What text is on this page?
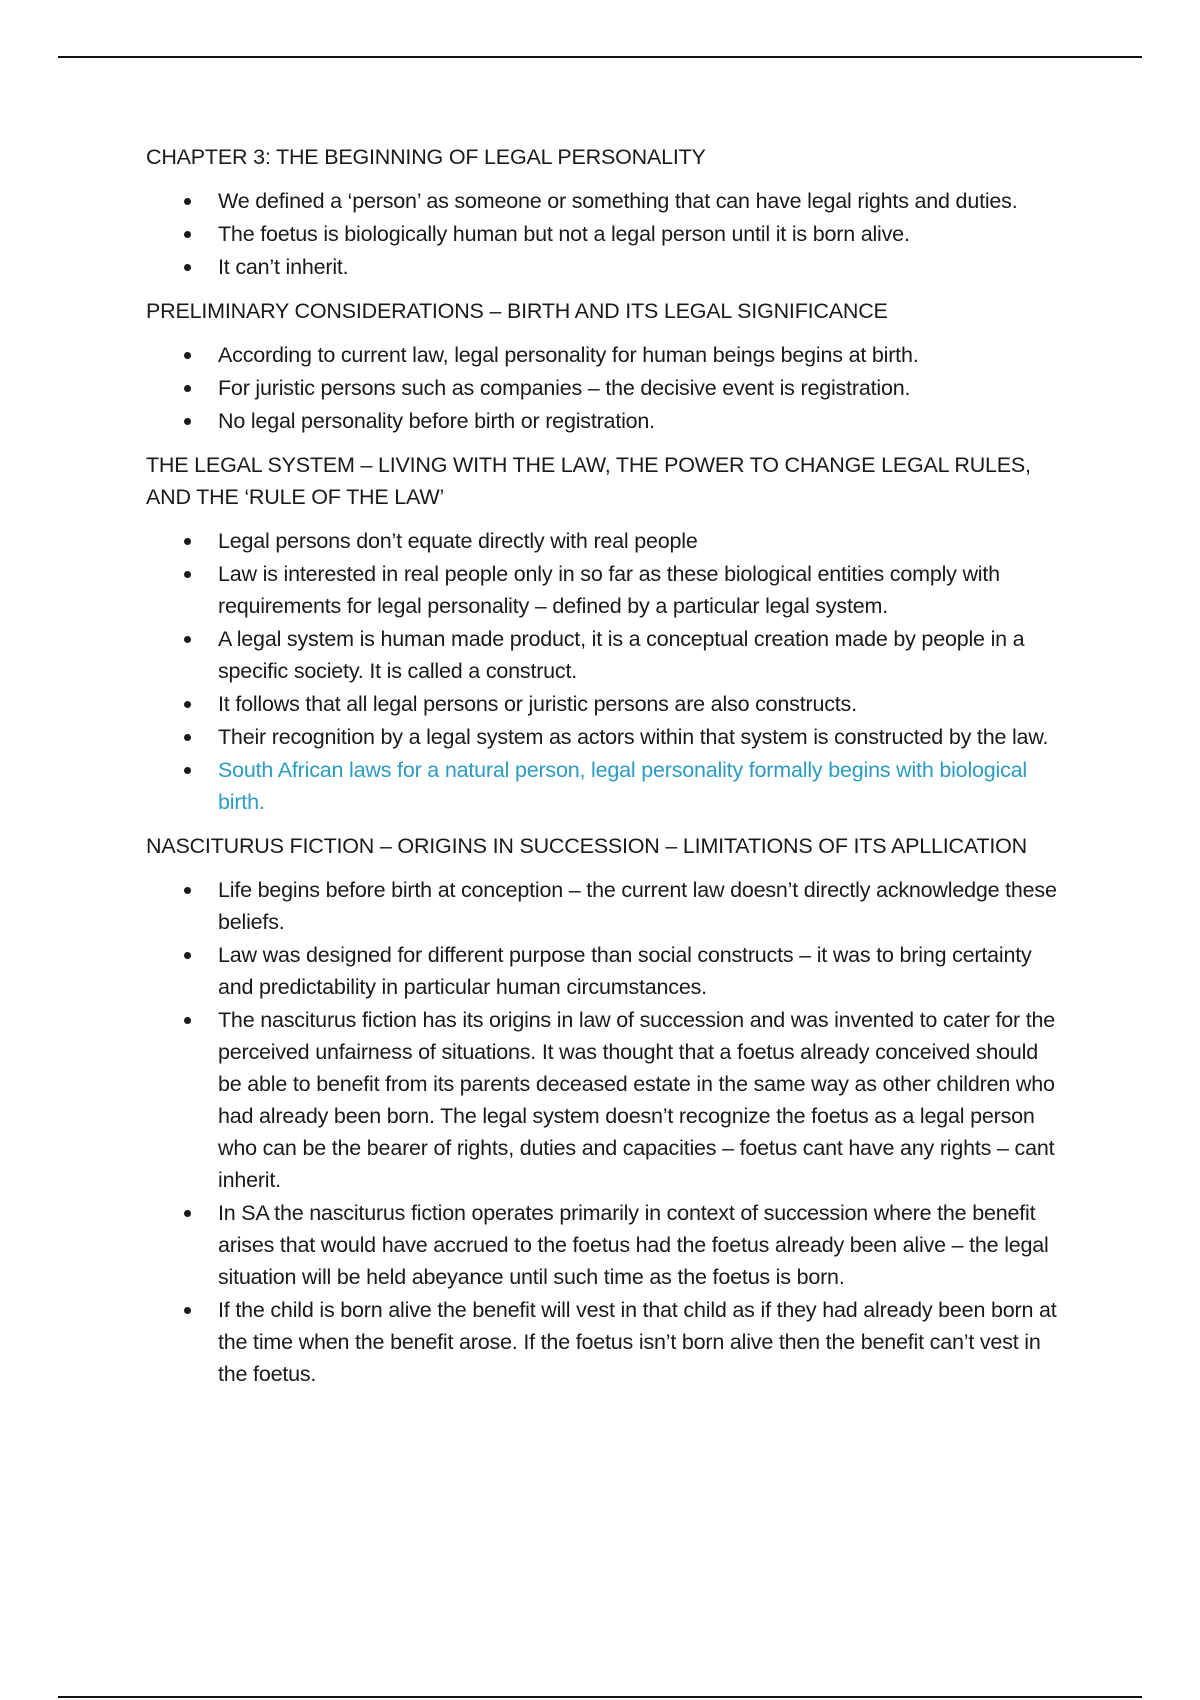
CHAPTER 3: THE BEGINNING OF LEGAL PERSONALITY

We defined a ‘person’ as someone or something that can have legal rights and duties.
The foetus is biologically human but not a legal person until it is born alive.
It can’t inherit.

PRELIMINARY CONSIDERATIONS – BIRTH AND ITS LEGAL SIGNIFICANCE

According to current law, legal personality for human beings begins at birth.
For juristic persons such as companies – the decisive event is registration.
No legal personality before birth or registration.

THE LEGAL SYSTEM – LIVING WITH THE LAW, THE POWER TO CHANGE LEGAL RULES, AND THE ‘RULE OF THE LAW’

Legal persons don’t equate directly with real people
Law is interested in real people only in so far as these biological entities comply with requirements for legal personality – defined by a particular legal system.
A legal system is human made product, it is a conceptual creation made by people in a specific society. It is called a construct.
It follows that all legal persons or juristic persons are also constructs.
Their recognition by a legal system as actors within that system is constructed by the law.
South African laws for a natural person, legal personality formally begins with biological birth.

NASCITURUS FICTION – ORIGINS IN SUCCESSION – LIMITATIONS OF ITS APLLICATION

Life begins before birth at conception – the current law doesn’t directly acknowledge these beliefs.
Law was designed for different purpose than social constructs – it was to bring certainty and predictability in particular human circumstances.
The nasciturus fiction has its origins in law of succession and was invented to cater for the perceived unfairness of situations. It was thought that a foetus already conceived should be able to benefit from its parents deceased estate in the same way as other children who had already been born. The legal system doesn’t recognize the foetus as a legal person who can be the bearer of rights, duties and capacities – foetus cant have any rights – cant inherit.
In SA the nasciturus fiction operates primarily in context of succession where the benefit arises that would have accrued to the foetus had the foetus already been alive – the legal situation will be held abeyance until such time as the foetus is born.
If the child is born alive the benefit will vest in that child as if they had already been born at the time when the benefit arose. If the foetus isn’t born alive then the benefit can’t vest in the foetus.
